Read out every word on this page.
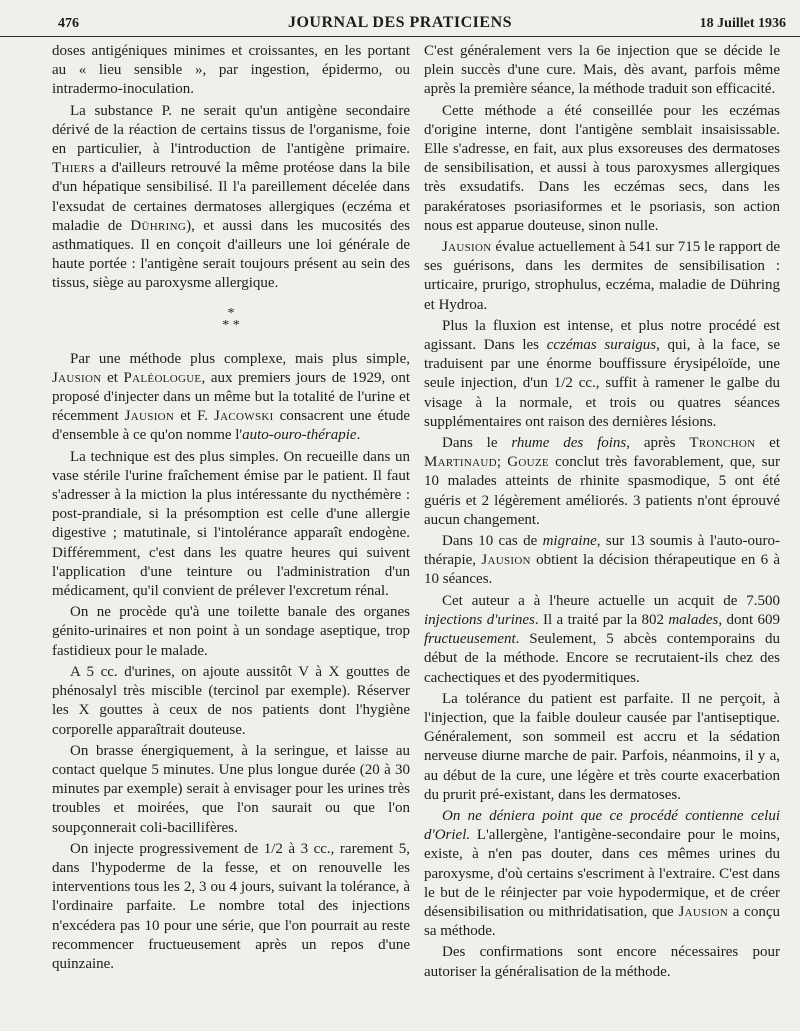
476	JOURNAL DES PRATICIENS	18 Juillet 1936

doses antigéniques minimes et croissantes, en les portant au « lieu sensible », par ingestion, épidermo, ou intradermo-inoculation.

La substance P. ne serait qu'un antigène secondaire dérivé de la réaction de certains tissus de l'organisme, foie en particulier, à l'introduction de l'antigène primaire. Thiers a d'ailleurs retrouvé la même protéose dans la bile d'un hépatique sensibilisé. Il l'a pareillement décelée dans l'exsudat de certaines dermatoses allergiques (eczéma et maladie de Dühring), et aussi dans les mucosités des asthmatiques. Il en conçoit d'ailleurs une loi générale de haute portée : l'antigène serait toujours présent au sein des tissus, siège au paroxysme allergique.

*
* *

Par une méthode plus complexe, mais plus simple, Jausion et Paléologue, aux premiers jours de 1929, ont proposé d'injecter dans un même but la totalité de l'urine et récemment Jausion et F. Jacowski consacrent une étude d'ensemble à ce qu'on nomme l'auto-ouro-thérapie.

La technique est des plus simples. On recueille dans un vase stérile l'urine fraîchement émise par le patient. Il faut s'adresser à la miction la plus intéressante du nycthémère : post-prandiale, si la présomption est celle d'une allergie digestive ; matutinale, si l'intolérance apparaît endogène. Différemment, c'est dans les quatre heures qui suivent l'application d'une teinture ou l'administration d'un médicament, qu'il convient de prélever l'excretum rénal.

On ne procède qu'à une toilette banale des organes génito-urinaires et non point à un sondage aseptique, trop fastidieux pour le malade.

A 5 cc. d'urines, on ajoute aussitôt V à X gouttes de phénosalyl très miscible (tercinol par exemple). Réserver les X gouttes à ceux de nos patients dont l'hygiène corporelle apparaîtrait douteuse.

On brasse énergiquement, à la seringue, et laisse au contact quelque 5 minutes. Une plus longue durée (20 à 30 minutes par exemple) serait à envisager pour les urines très troubles et moirées, que l'on saurait ou que l'on soupçonnerait coli-bacillifères.

On injecte progressivement de 1/2 à 3 cc., rarement 5, dans l'hypoderme de la fesse, et on renouvelle les interventions tous les 2, 3 ou 4 jours, suivant la tolérance, à l'ordinaire parfaite. Le nombre total des injections n'excédera pas 10 pour une série, que l'on pourrait au reste recommencer fructueusement après un repos d'une quinzaine.

C'est généralement vers la 6e injection que se décide le plein succès d'une cure. Mais, dès avant, parfois même après la première séance, la méthode traduit son efficacité.

Cette méthode a été conseillée pour les eczémas d'origine interne, dont l'antigène semblait insaisissable. Elle s'adresse, en fait, aux plus exsoreuses des dermatoses de sensibilisation, et aussi à tous paroxysmes allergiques très exsudatifs. Dans les eczémas secs, dans les parakératoses psoriasiformes et le psoriasis, son action nous est apparue douteuse, sinon nulle.

Jausion évalue actuellement à 541 sur 715 le rapport de ses guérisons, dans les dermites de sensibilisation : urticaire, prurigo, strophulus, eczéma, maladie de Dühring et Hydroa.

Plus la fluxion est intense, et plus notre procédé est agissant. Dans les cczémas suraigus, qui, à la face, se traduisent par une énorme bouffissure érysipéloïde, une seule injection, d'un 1/2 cc., suffit à ramener le galbe du visage à la normale, et trois ou quatres séances supplémentaires ont raison des dernières lésions.

Dans le rhume des foins, après Tronchon et Martinaud; Gouze conclut très favorablement, que, sur 10 malades atteints de rhinite spasmodique, 5 ont été guéris et 2 légèrement améliorés. 3 patients n'ont éprouvé aucun changement.

Dans 10 cas de migraine, sur 13 soumis à l'auto-ouro-thérapie, Jausion obtient la décision thérapeutique en 6 à 10 séances.

Cet auteur a à l'heure actuelle un acquit de 7.500 injections d'urines. Il a traité par la 802 malades, dont 609 fructueusement. Seulement, 5 abcès contemporains du début de la méthode. Encore se recrutaient-ils chez des cachectiques et des pyodermitiques.

La tolérance du patient est parfaite. Il ne perçoit, à l'injection, que la faible douleur causée par l'antiseptique. Généralement, son sommeil est accru et la sédation nerveuse diurne marche de pair. Parfois, néanmoins, il y a, au début de la cure, une légère et très courte exacerbation du prurit pré-existant, dans les dermatoses.

On ne déniera point que ce procédé contienne celui d'Oriel. L'allergène, l'antigène-secondaire pour le moins, existe, à n'en pas douter, dans ces mêmes urines du paroxysme, d'où certains s'escriment à l'extraire. C'est dans le but de le réinjecter par voie hypodermique, et de créer désensibilisation ou mithridatisation, que Jausion a conçu sa méthode.

Des confirmations sont encore nécessaires pour autoriser la généralisation de la méthode.
